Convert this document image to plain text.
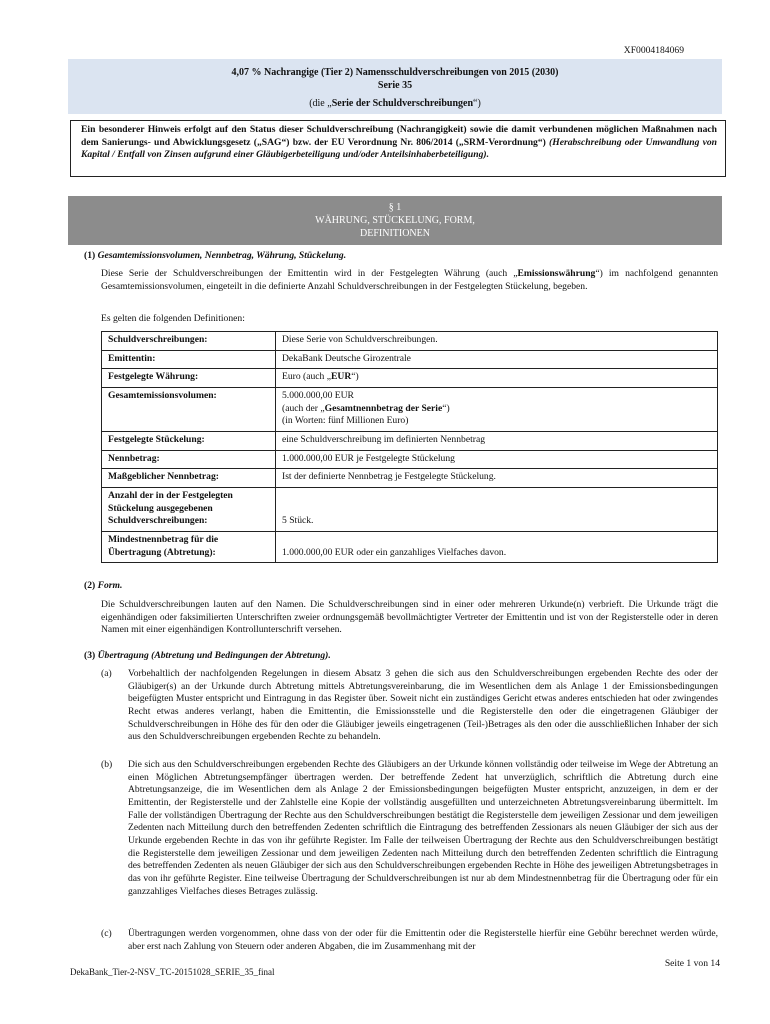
XF0004184069
4,07 % Nachrangige (Tier 2) Namensschuldverschreibungen von 2015 (2030)
Serie 35
(die „Serie der Schuldverschreibungen“)
Ein besonderer Hinweis erfolgt auf den Status dieser Schuldverschreibung (Nachrangigkeit) sowie die damit verbundenen möglichen Maßnahmen nach dem Sanierungs- und Abwicklungsgesetz („SAG“) bzw. der EU Verordnung Nr. 806/2014 („SRM-Verordnung“) (Herabschreibung oder Umwandlung von Kapital / Entfall von Zinsen aufgrund einer Gläubigerbeteiligung und/oder Anteilsinhaberbeteiligung).
§ 1
WÄHRUNG, STÜCKELUNG, FORM,
DEFINITIONEN
(1) Gesamtemissionsvolumen, Nennbetrag, Währung, Stückelung.
Diese Serie der Schuldverschreibungen der Emittentin wird in der Festgelegten Währung (auch „Emissionswährung“) im nachfolgend genannten Gesamtemissionsvolumen, eingeteilt in die definierte Anzahl Schuldverschreibungen in der Festgelegten Stückelung, begeben.
Es gelten die folgenden Definitionen:
Schuldverschreibungen:	Diese Serie von Schuldverschreibungen.
Emittentin:	DekaBank Deutsche Girozentrale
Festgelegte Währung:	Euro (auch „EUR“)
Gesamtemissionsvolumen:	5.000.000,00 EUR
(auch der „Gesamtnennbetrag der Serie“)
(in Worten: fünf Millionen Euro)

Festgelegte Stückelung:	eine Schuldverschreibung im definierten Nennbetrag
Nennbetrag:	1.000.000,00 EUR je Festgelegte Stückelung
Maßgeblicher Nennbetrag:	Ist der definierte Nennbetrag je Festgelegte Stückelung.
Anzahl der in der Festgelegten Stückelung ausgegebenen Schuldverschreibungen:	5 Stück.
Mindestnennbetrag für die Übertragung (Abtretung):	1.000.000,00 EUR oder ein ganzahliges Vielfaches davon.
(2) Form.
Die Schuldverschreibungen lauten auf den Namen. Die Schuldverschreibungen sind in einer oder mehreren Urkunde(n) verbrieft. Die Urkunde trägt die eigenhändigen oder faksimilierten Unterschriften zweier ordnungsgemäß bevollmächtigter Vertreter der Emittentin und ist von der Registerstelle oder in deren Namen mit einer eigenhändigen Kontrollunterschrift versehen.
(3) Übertragung (Abtretung und Bedingungen der Abtretung).
(a) Vorbehaltlich der nachfolgenden Regelungen in diesem Absatz 3 gehen die sich aus den Schuldverschreibungen ergebenden Rechte des oder der Gläubiger(s) an der Urkunde durch Abtretung mittels Abtretungsvereinbarung, die im Wesentlichen dem als Anlage 1 der Emissionsbedingungen beigefügten Muster entspricht und Eintragung in das Register über. Soweit nicht ein zuständiges Gericht etwas anderes entschieden hat oder zwingendes Recht etwas anderes verlangt, haben die Emittentin, die Emissionsstelle und die Registerstelle den oder die eingetragenen Gläubiger der Schuldverschreibungen in Höhe des für den oder die Gläubiger jeweils eingetragenen (Teil-)Betrages als den oder die ausschließlichen Inhaber der sich aus den Schuldverschreibungen ergebenden Rechte zu behandeln.
(b) Die sich aus den Schuldverschreibungen ergebenden Rechte des Gläubigers an der Urkunde können vollständig oder teilweise im Wege der Abtretung an einen Möglichen Abtretungsempfänger übertragen werden. Der betreffende Zedent hat unverzüglich, schriftlich die Abtretung durch eine Abtretungsanzeige, die im Wesentlichen dem als Anlage 2 der Emissionsbedingungen beigefügten Muster entspricht, anzuzeigen, in dem er der Emittentin, der Registerstelle und der Zahlstelle eine Kopie der vollständig ausgefüllten und unterzeichneten Abtretungsvereinbarung übermittelt. Im Falle der vollständigen Übertragung der Rechte aus den Schuldverschreibungen bestätigt die Registerstelle dem jeweiligen Zessionar und dem jeweiligen Zedenten nach Mitteilung durch den betreffenden Zedenten schriftlich die Eintragung des betreffenden Zessionars als neuen Gläubiger der sich aus der Urkunde ergebenden Rechte in das von ihr geführte Register. Im Falle der teilweisen Übertragung der Rechte aus den Schuldverschreibungen bestätigt die Registerstelle dem jeweiligen Zessionar und dem jeweiligen Zedenten nach Mitteilung durch den betreffenden Zedenten schriftlich die Eintragung des betreffenden Zedenten als neuen Gläubiger der sich aus den Schuldverschreibungen ergebenden Rechte in Höhe des jeweiligen Abtretungsbetrages in das von ihr geführte Register. Eine teilweise Übertragung der Schuldverschreibungen ist nur ab dem Mindestnennbetrag für die Übertragung oder für ein ganzzahliges Vielfaches dieses Betrages zulässig.
(c) Übertragungen werden vorgenommen, ohne dass von der oder für die Emittentin oder die Registerstelle hierfür eine Gebühr berechnet werden würde, aber erst nach Zahlung von Steuern oder anderen Abgaben, die im Zusammenhang mit der
Seite 1 von 14
DekaBank_Tier-2-NSV_TC-20151028_SERIE_35_final
